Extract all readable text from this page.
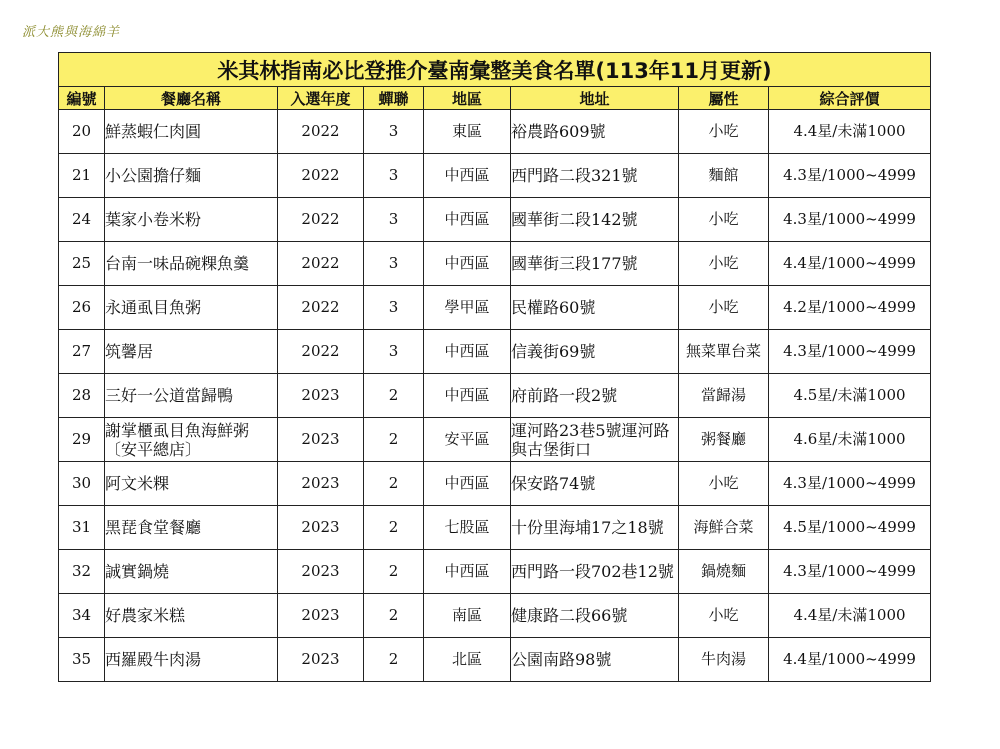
派大熊與海綿羊
米其林指南必比登推介臺南彙整美食名單(113年11月更新)							
編號	餐廳名稱	入選年度	蟬聯	地區	地址	屬性	綜合評價
20	鮮蒸蝦仁肉圓	2022	3	東區	裕農路609號	小吃	4.4星/未滿1000
21	小公園擔仔麵	2022	3	中西區	西門路二段321號	麵館	4.3星/1000~4999
24	葉家小卷米粉	2022	3	中西區	國華街二段142號	小吃	4.3星/1000~4999
25	台南一味品碗粿魚羹	2022	3	中西區	國華街三段177號	小吃	4.4星/1000~4999
26	永通虱目魚粥	2022	3	學甲區	民權路60號	小吃	4.2星/1000~4999
27	筑馨居	2022	3	中西區	信義街69號	無菜單台菜	4.3星/1000~4999
28	三好一公道當歸鴨	2023	2	中西區	府前路一段2號	當歸湯	4.5星/未滿1000
29	謝掌櫃虱目魚海鮮粥〔安平總店〕	2023	2	安平區	運河路23巷5號運河路與古堡街口	粥餐廳	4.6星/未滿1000
30	阿文米粿	2023	2	中西區	保安路74號	小吃	4.3星/1000~4999
31	黑琵食堂餐廳	2023	2	七股區	十份里海埔17之18號	海鮮合菜	4.5星/1000~4999
32	誠實鍋燒	2023	2	中西區	西門路一段702巷12號	鍋燒麵	4.3星/1000~4999
34	好農家米糕	2023	2	南區	健康路二段66號	小吃	4.4星/未滿1000
35	西羅殿牛肉湯	2023	2	北區	公園南路98號	牛肉湯	4.4星/1000~4999
